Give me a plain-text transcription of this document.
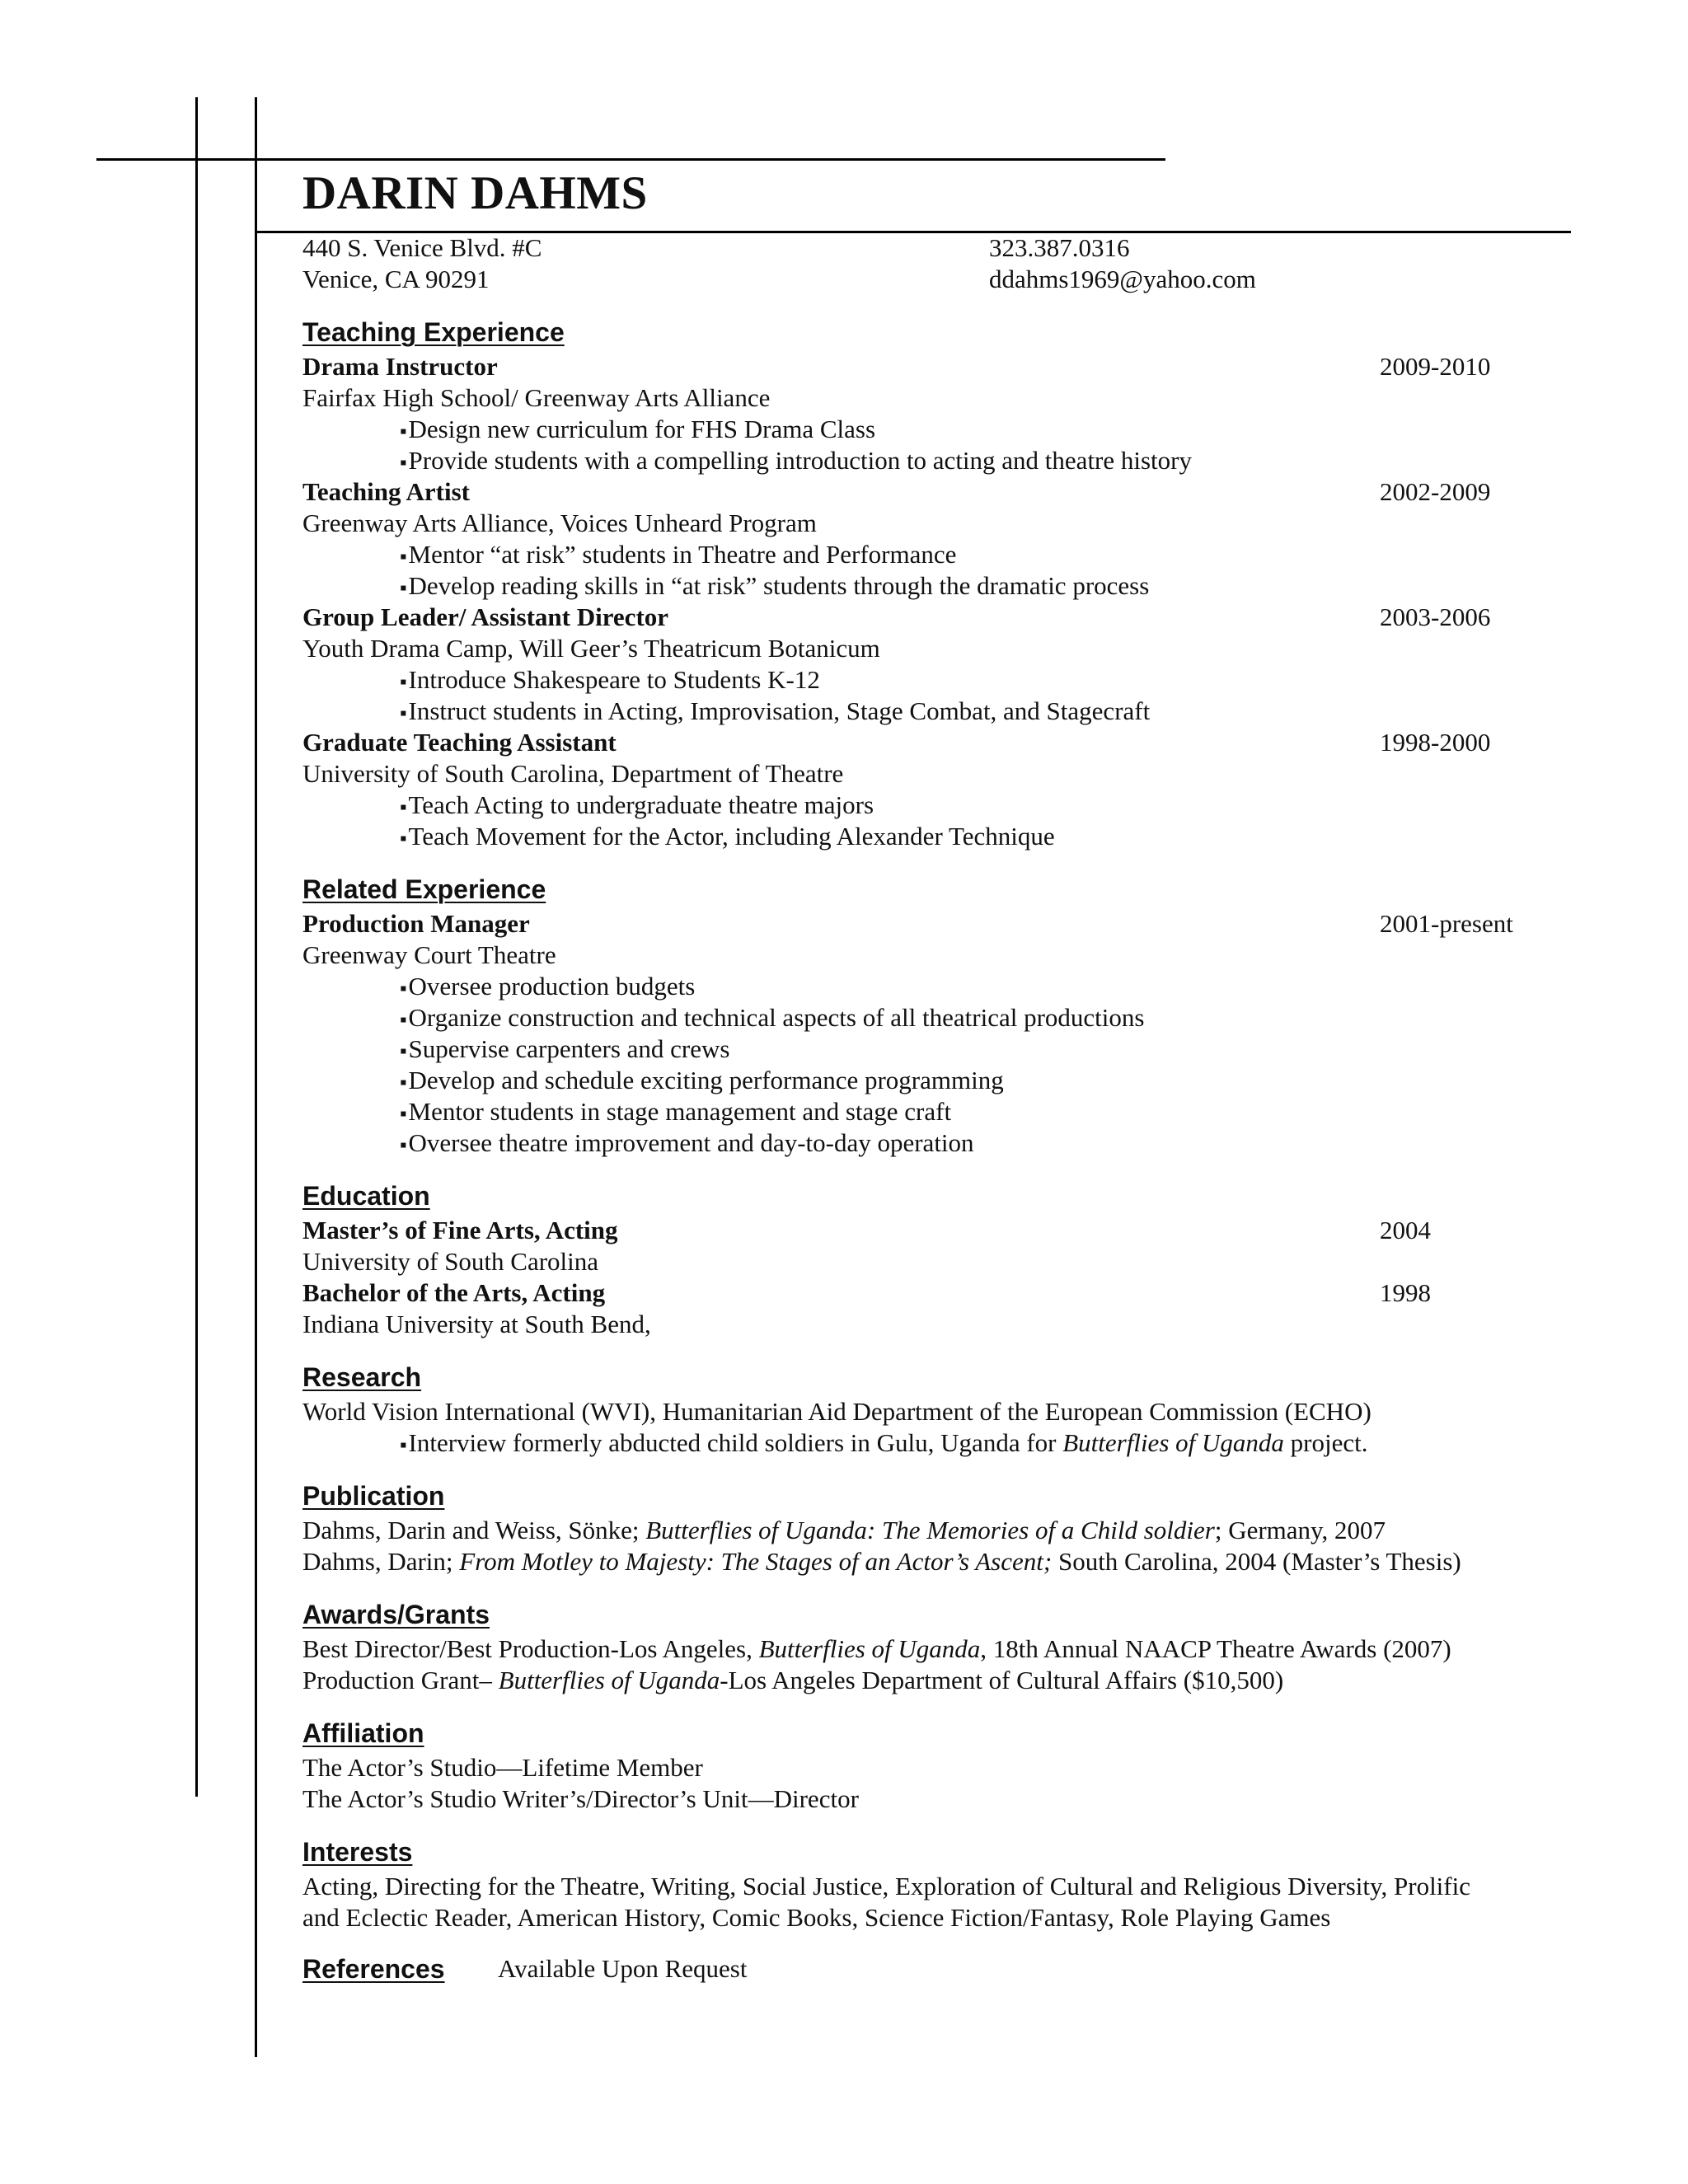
DARIN DAHMS
440 S. Venice Blvd. #C	323.387.0316
Venice, CA 90291	ddahms1969@yahoo.com
Teaching Experience
Drama Instructor	2009-2010
Fairfax High School/ Greenway Arts Alliance
▪ Design new curriculum for FHS Drama Class
▪ Provide students with a compelling introduction to acting and theatre history
Teaching Artist	2002-2009
Greenway Arts Alliance, Voices Unheard Program
▪ Mentor “at risk” students in Theatre and Performance
▪ Develop reading skills in “at risk” students through the dramatic process
Group Leader/ Assistant Director	2003-2006
Youth Drama Camp, Will Geer’s Theatricum Botanicum
▪ Introduce Shakespeare to Students K-12
▪ Instruct students in Acting, Improvisation, Stage Combat, and Stagecraft
Graduate Teaching Assistant	1998-2000
University of South Carolina, Department of Theatre
▪ Teach Acting to undergraduate theatre majors
▪ Teach Movement for the Actor, including Alexander Technique
Related Experience
Production Manager	2001-present
Greenway Court Theatre
▪ Oversee production budgets
▪ Organize construction and technical aspects of all theatrical productions
▪ Supervise carpenters and crews
▪ Develop and schedule exciting performance programming
▪ Mentor students in stage management and stage craft
▪ Oversee theatre improvement and day-to-day operation
Education
Master’s of Fine Arts, Acting	2004
University of South Carolina
Bachelor of the Arts, Acting	1998
Indiana University at South Bend,
Research
World Vision International (WVI), Humanitarian Aid Department of the European Commission (ECHO)
▪ Interview formerly abducted child soldiers in Gulu, Uganda for Butterflies of Uganda project.
Publication
Dahms, Darin and Weiss, Sönke; Butterflies of Uganda: The Memories of a Child soldier; Germany, 2007
Dahms, Darin; From Motley to Majesty: The Stages of an Actor’s Ascent; South Carolina, 2004 (Master’s Thesis)
Awards/Grants
Best Director/Best Production-Los Angeles, Butterflies of Uganda, 18th Annual NAACP Theatre Awards (2007)
Production Grant– Butterflies of Uganda-Los Angeles Department of Cultural Affairs ($10,500)
Affiliation
The Actor’s Studio—Lifetime Member
The Actor’s Studio Writer’s/Director’s Unit—Director
Interests
Acting, Directing for the Theatre, Writing, Social Justice, Exploration of Cultural and Religious Diversity, Prolific
and Eclectic Reader, American History, Comic Books, Science Fiction/Fantasy, Role Playing Games
References	Available Upon Request
